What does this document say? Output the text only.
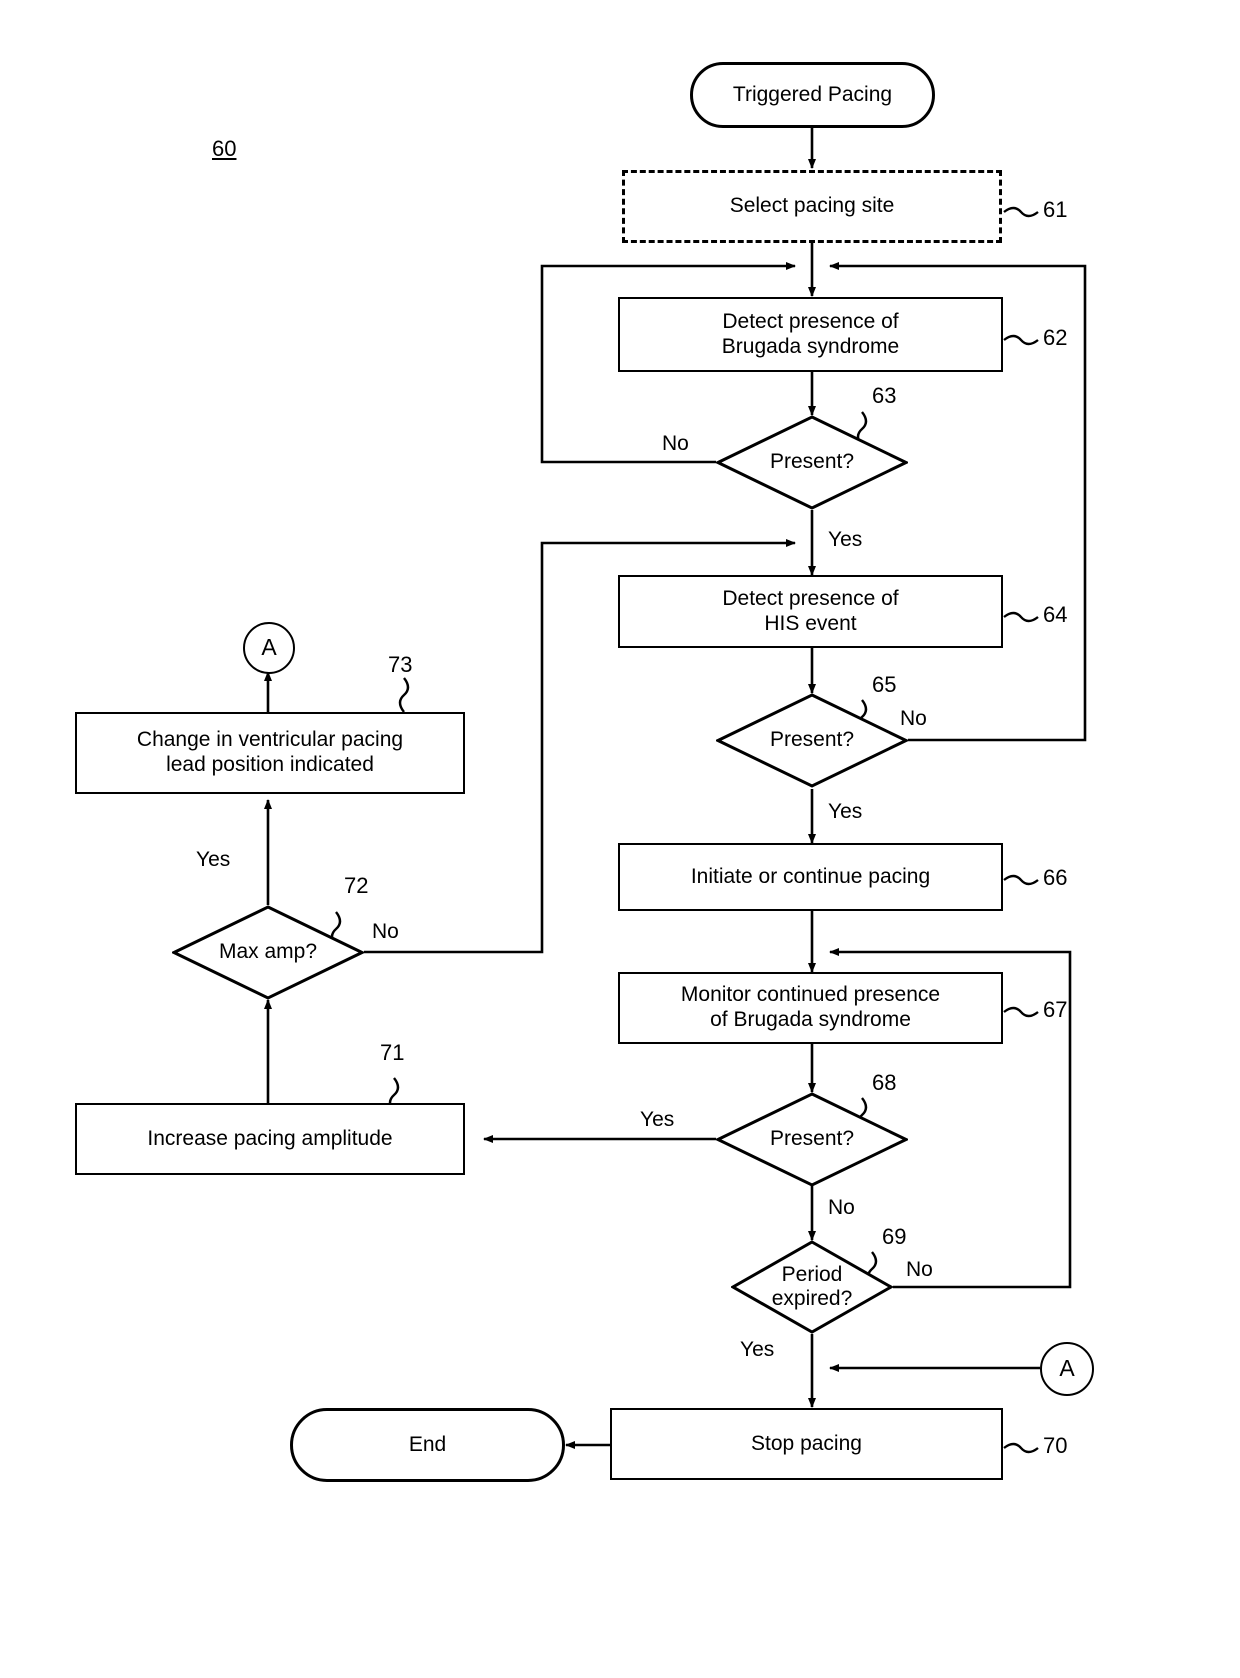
60
Triggered Pacing
Select pacing site	61
Detect presence of
Brugada syndrome	62
Present?
63
No
Yes
Detect presence of
HIS event	64
Present?
65
No
Yes
Initiate or continue pacing	66
Monitor continued presence
of Brugada syndrome	67
Present?
68
Yes
No
Period
expired?
69
No
Yes
Stop pacing	70
End
Increase pacing amplitude
71
Max amp?
72
No
Yes
Change in ventricular pacing
lead position indicated
73
A
A
